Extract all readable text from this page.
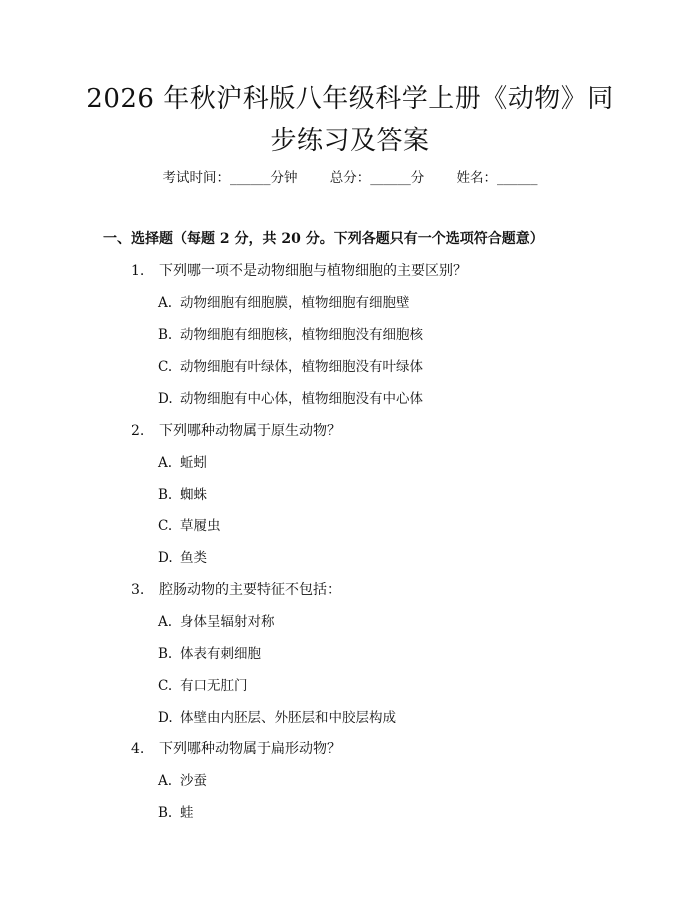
2026 年秋沪科版八年级科学上册《动物》同
步练习及答案
考试时间：______分钟 总分：______分 姓名：______
一、选择题（每题 2 分，共 20 分。下列各题只有一个选项符合题意）
1. 下列哪一项不是动物细胞与植物细胞的主要区别？
A. 动物细胞有细胞膜，植物细胞有细胞壁
B. 动物细胞有细胞核，植物细胞没有细胞核
C. 动物细胞有叶绿体，植物细胞没有叶绿体
D. 动物细胞有中心体，植物细胞没有中心体
2. 下列哪种动物属于原生动物？
A. 蚯蚓
B. 蜘蛛
C. 草履虫
D. 鱼类
3. 腔肠动物的主要特征不包括：
A. 身体呈辐射对称
B. 体表有刺细胞
C. 有口无肛门
D. 体壁由内胚层、外胚层和中胶层构成
4. 下列哪种动物属于扁形动物？
A. 沙蚕
B. 蛙
